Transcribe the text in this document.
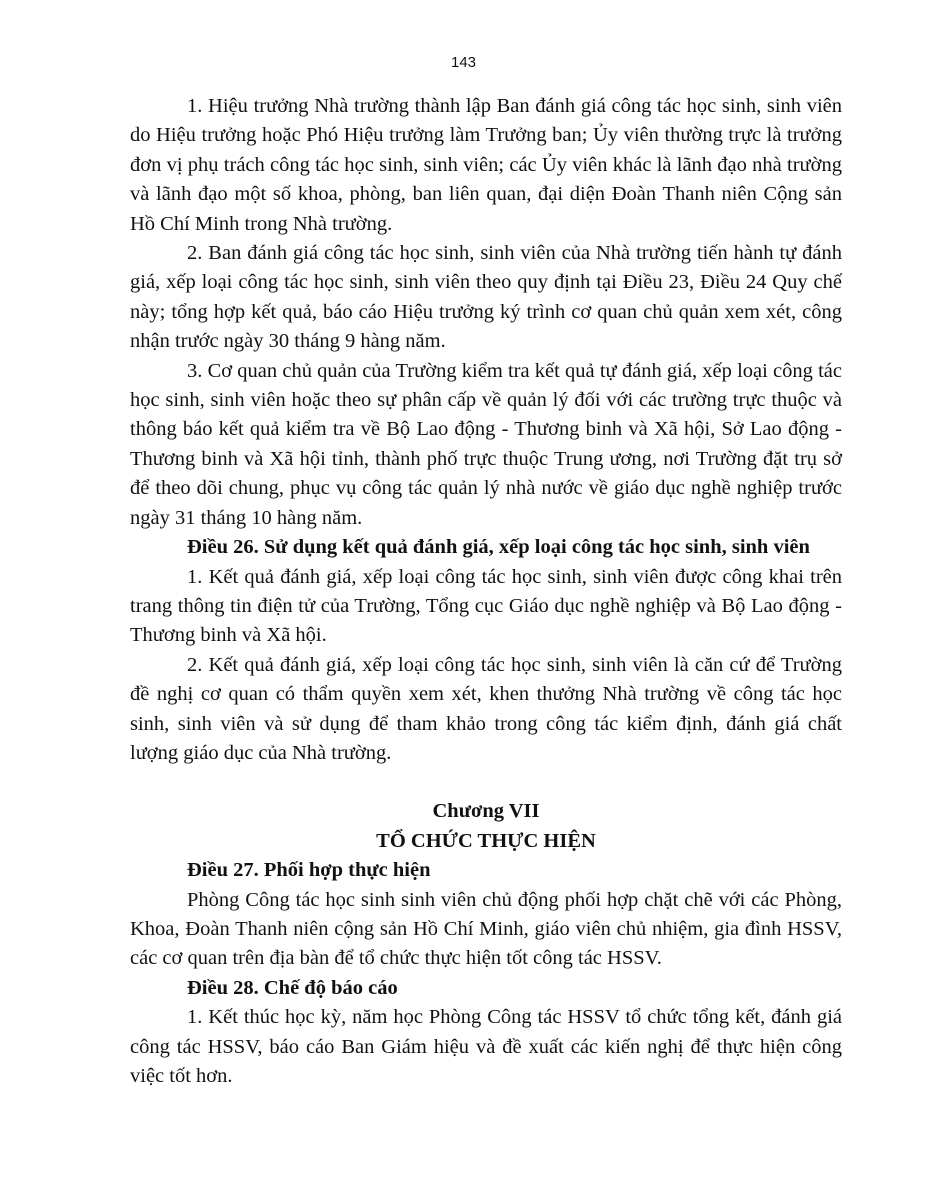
143

1. Hiệu trưởng Nhà trường thành lập Ban đánh giá công tác học sinh, sinh viên do Hiệu trưởng hoặc Phó Hiệu trưởng làm Trưởng ban; Ủy viên thường trực là trưởng đơn vị phụ trách công tác học sinh, sinh viên; các Ủy viên khác là lãnh đạo nhà trường và lãnh đạo một số khoa, phòng, ban liên quan, đại diện Đoàn Thanh niên Cộng sản Hồ Chí Minh trong Nhà trường.

2. Ban đánh giá công tác học sinh, sinh viên của Nhà trường tiến hành tự đánh giá, xếp loại công tác học sinh, sinh viên theo quy định tại Điều 23, Điều 24 Quy chế này; tổng hợp kết quả, báo cáo Hiệu trưởng ký trình cơ quan chủ quản xem xét, công nhận trước ngày 30 tháng 9 hàng năm.

3. Cơ quan chủ quản của Trường kiểm tra kết quả tự đánh giá, xếp loại công tác học sinh, sinh viên hoặc theo sự phân cấp về quản lý đối với các trường trực thuộc và thông báo kết quả kiểm tra về Bộ Lao động - Thương binh và Xã hội, Sở Lao động - Thương binh và Xã hội tỉnh, thành phố trực thuộc Trung ương, nơi Trường đặt trụ sở để theo dõi chung, phục vụ công tác quản lý nhà nước về giáo dục nghề nghiệp trước ngày 31 tháng 10 hàng năm.

Điều 26. Sử dụng kết quả đánh giá, xếp loại công tác học sinh, sinh viên

1. Kết quả đánh giá, xếp loại công tác học sinh, sinh viên được công khai trên trang thông tin điện tử của Trường, Tổng cục Giáo dục nghề nghiệp và Bộ Lao động - Thương binh và Xã hội.

2. Kết quả đánh giá, xếp loại công tác học sinh, sinh viên là căn cứ để Trường đề nghị cơ quan có thẩm quyền xem xét, khen thưởng Nhà trường về công tác học sinh, sinh viên và sử dụng để tham khảo trong công tác kiểm định, đánh giá chất lượng giáo dục của Nhà trường.

Chương VII
TỔ CHỨC THỰC HIỆN

Điều 27. Phối hợp thực hiện

Phòng Công tác học sinh sinh viên chủ động phối hợp chặt chẽ với các Phòng, Khoa, Đoàn Thanh niên cộng sản Hồ Chí Minh, giáo viên chủ nhiệm, gia đình HSSV, các cơ quan trên địa bàn để tổ chức thực hiện tốt công tác HSSV.

Điều 28. Chế độ báo cáo

1. Kết thúc học kỳ, năm học Phòng Công tác HSSV tổ chức tổng kết, đánh giá công tác HSSV, báo cáo Ban Giám hiệu và đề xuất các kiến nghị để thực hiện công việc tốt hơn.
